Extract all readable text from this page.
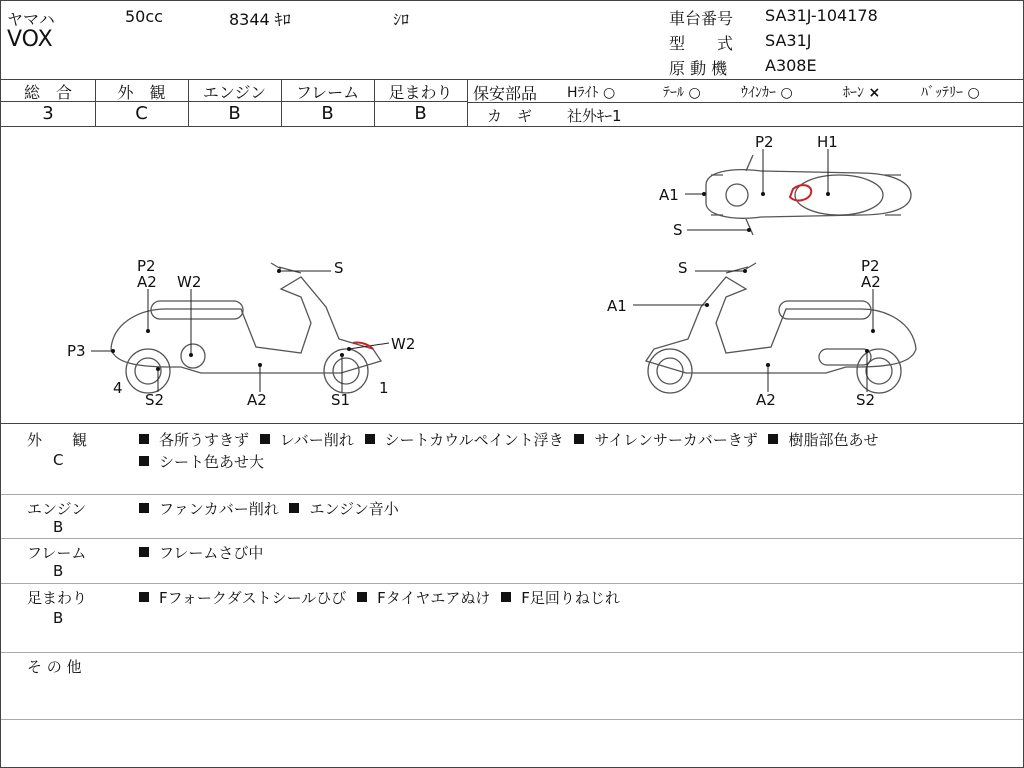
ヤマハ	50cc	8344 ｷﾛ	ｼﾛ
VOX
車台番号 SA31J-104178
型　　式 SA31J
原 動 機 A308E
総　合	外　観	エンジン	フレーム	足まわり
3	C	B	B	B
保安部品 Hﾗｲﾄ ○	ﾃｰﾙ ○	ｳｲﾝｶｰ ○	ﾎｰﾝ ×	ﾊﾞｯﾃﾘｰ ○
カ　ギ 社外ｷｰ1
P2	H1
A1
S
P2
A2 W2
S
P3	W2
4
S2	A2	S1
1
S	P2
A2
A1
A2	S2
外　　観
C
各所うすきず レバー削れ シートカウルペイント浮き サイレンサーカバーきず 樹脂部色あせ
シート色あせ大
エンジン
B
ファンカバー削れ エンジン音小
フレーム
B
フレームさび中
足まわり
B
Fフォークダストシールひび Fタイヤエアぬけ F足回りねじれ
そ の 他
